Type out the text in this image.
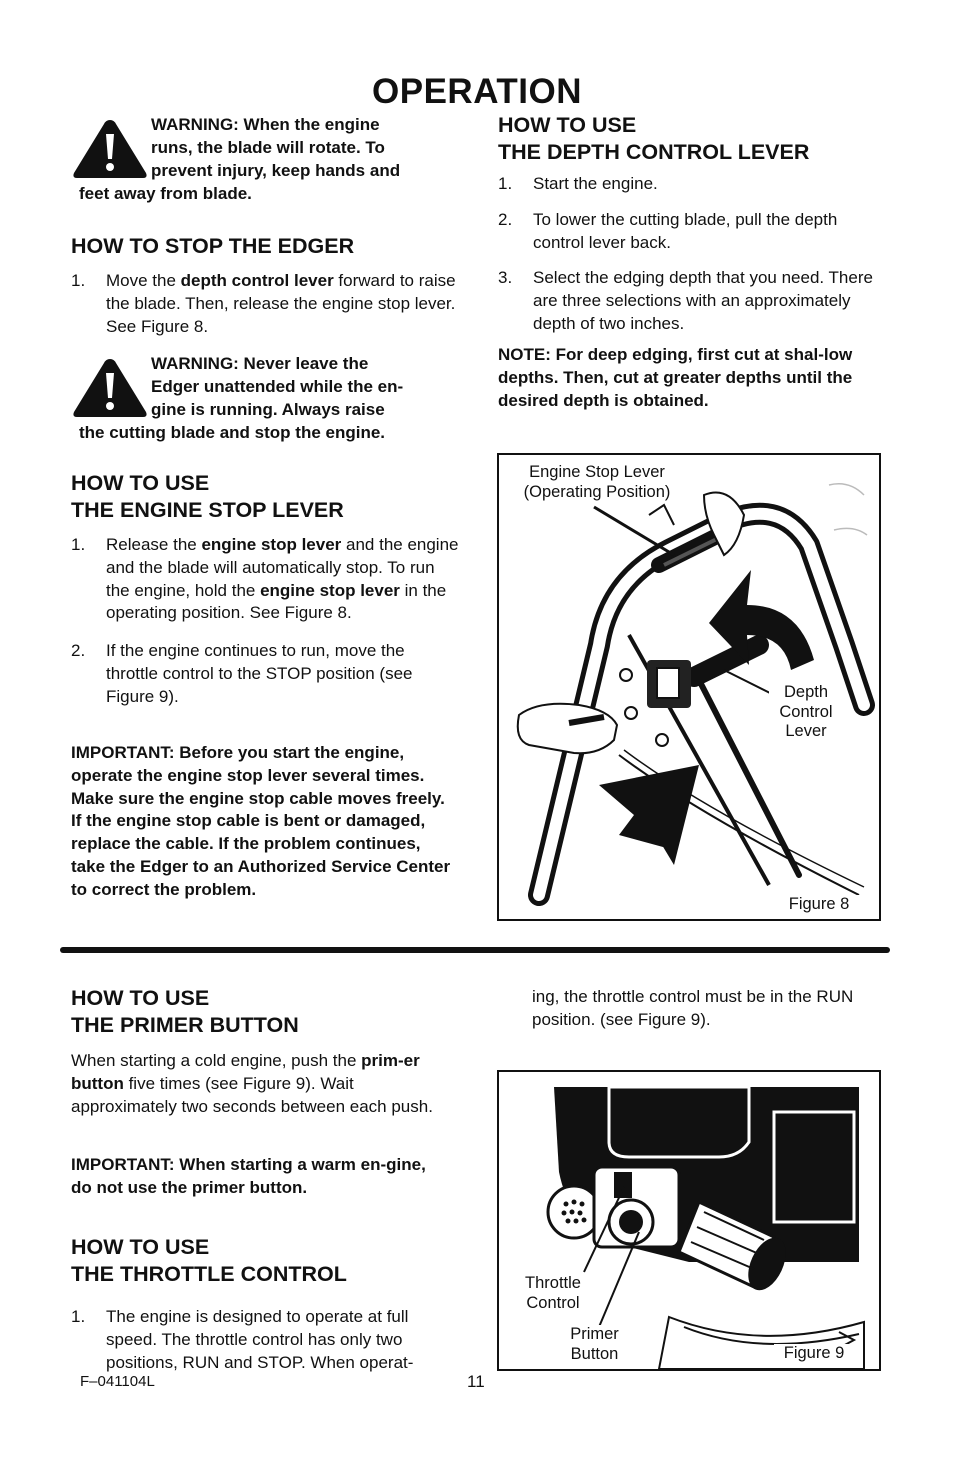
OPERATION
WARNING: When the engine
runs, the blade will rotate. To
prevent injury, keep hands and
feet away from blade.
HOW TO STOP THE EDGER
1. Move the depth control lever forward to raise the blade. Then, release the engine stop lever. See Figure 8.
WARNING: Never leave the
Edger unattended while the en-
gine is running. Always raise
the cutting blade and stop the engine.
HOW TO USE
THE ENGINE STOP LEVER
1. Release the engine stop lever and the engine and the blade will automatically stop. To run the engine, hold the engine stop lever in the operating position. See Figure 8.
2. If the engine continues to run, move the throttle control to the STOP position (see Figure 9).
IMPORTANT: Before you start the engine, operate the engine stop lever several times. Make sure the engine stop cable moves freely. If the engine stop cable is bent or damaged, replace the cable. If the problem continues, take the Edger to an Authorized Service Center to correct the problem.
HOW TO USE
THE DEPTH CONTROL LEVER
1. Start the engine.
2. To lower the cutting blade, pull the depth control lever back.
3. Select the edging depth that you need. There are three selections with an approximately depth of two inches.
NOTE: For deep edging, first cut at shal-low depths. Then, cut at greater depths until the desired depth is obtained.
Engine Stop Lever
(Operating Position)
Depth
Control
Lever
Figure 8
HOW TO USE
THE PRIMER BUTTON
When starting a cold engine, push the prim-er button five times (see Figure 9). Wait approximately two seconds between each push.
IMPORTANT: When starting a warm en-gine, do not use the primer button.
HOW TO USE
THE THROTTLE CONTROL
1. The engine is designed to operate at full speed. The throttle control has only two positions, RUN and STOP. When operat-
ing, the throttle control must be in the RUN position. (see Figure 9).
Throttle
Control
Primer
Button	Figure 9
F–041104L	11
